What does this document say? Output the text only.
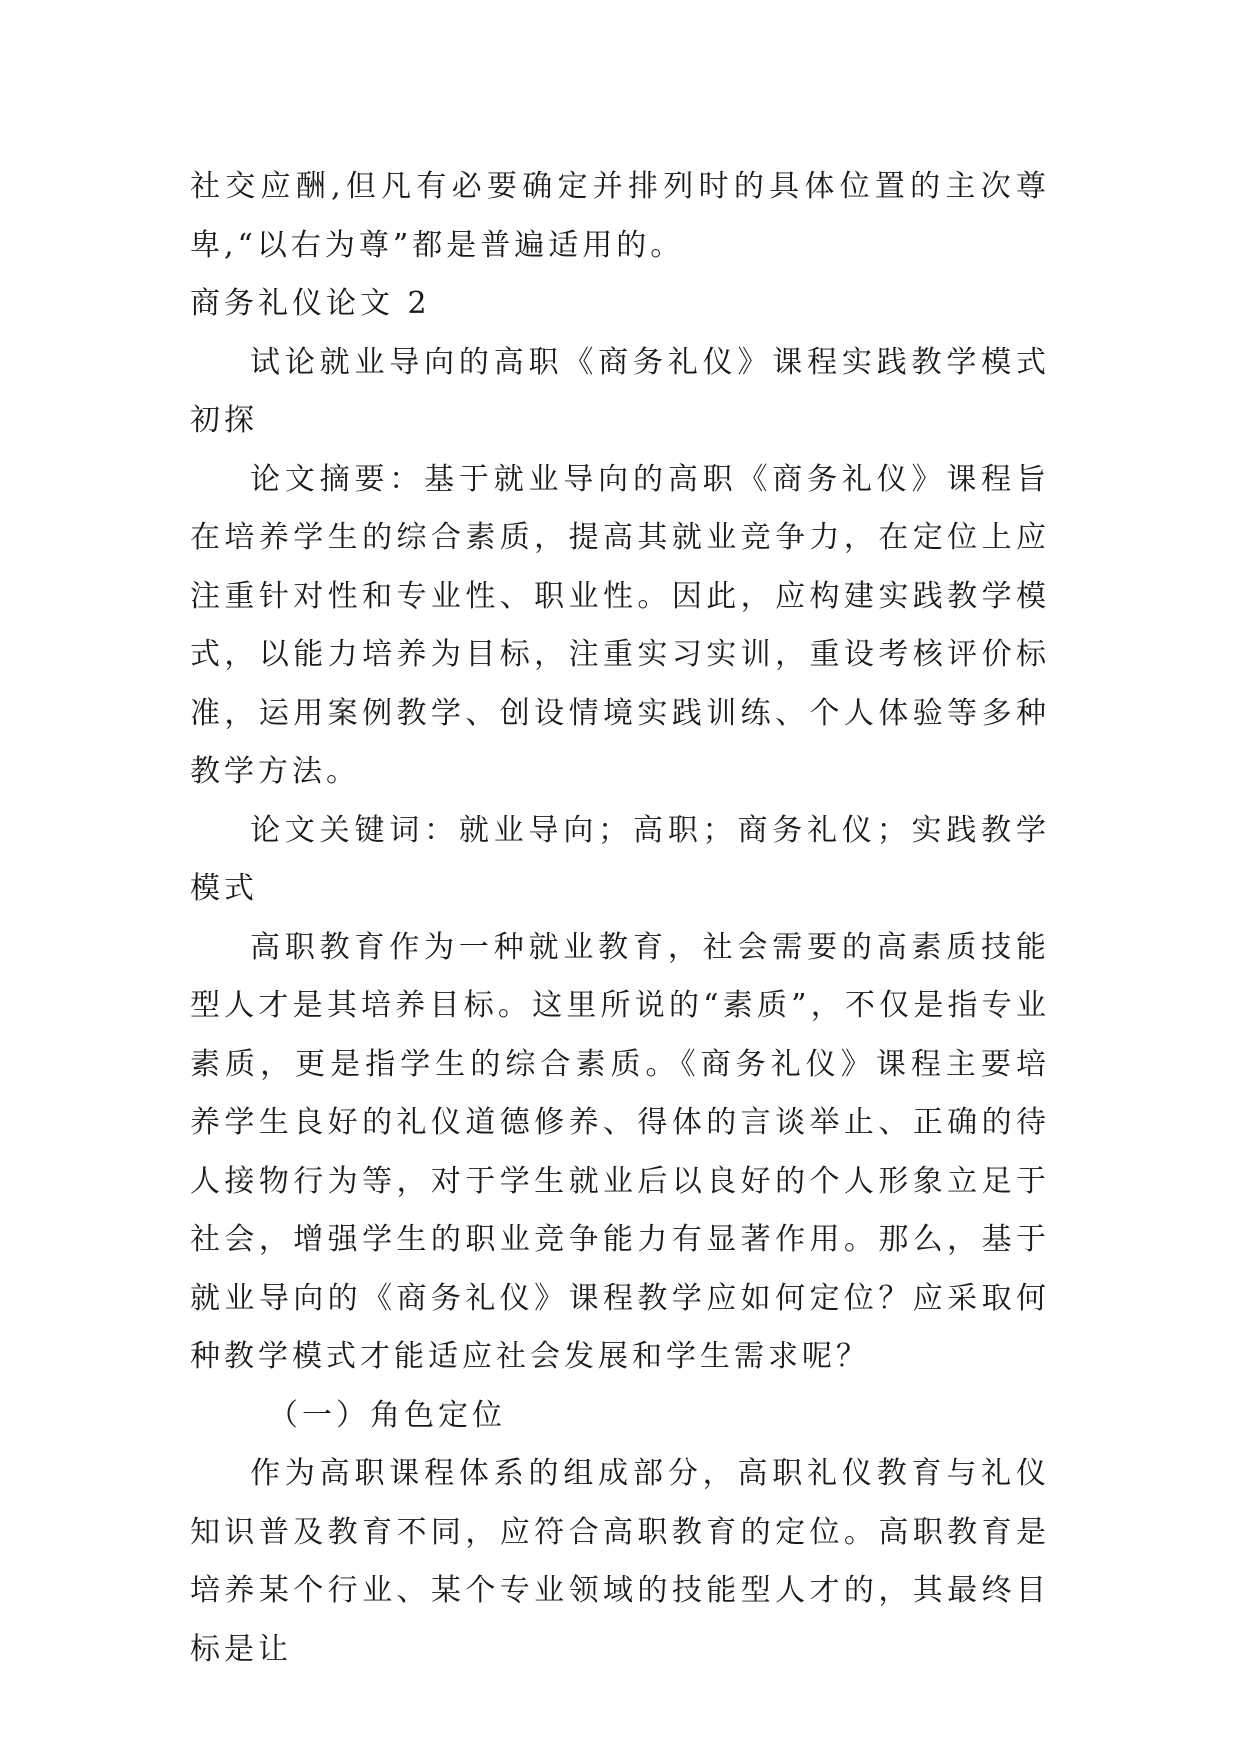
社交应酬,但凡有必要确定并排列时的具体位置的主次尊卑,“以右为尊”都是普遍适用的。

商务礼仪论文 2

试论就业导向的高职《商务礼仪》课程实践教学模式初探

论文摘要：基于就业导向的高职《商务礼仪》课程旨在培养学生的综合素质，提高其就业竞争力，在定位上应注重针对性和专业性、职业性。因此，应构建实践教学模式，以能力培养为目标，注重实习实训，重设考核评价标准，运用案例教学、创设情境实践训练、个人体验等多种教学方法。

论文关键词：就业导向；高职；商务礼仪；实践教学模式

高职教育作为一种就业教育，社会需要的高素质技能型人才是其培养目标。这里所说的“素质”，不仅是指专业素质，更是指学生的综合素质。《商务礼仪》课程主要培养学生良好的礼仪道德修养、得体的言谈举止、正确的待人接物行为等，对于学生就业后以良好的个人形象立足于社会，增强学生的职业竞争能力有显著作用。那么，基于就业导向的《商务礼仪》课程教学应如何定位？应采取何种教学模式才能适应社会发展和学生需求呢？

（一）角色定位

作为高职课程体系的组成部分，高职礼仪教育与礼仪知识普及教育不同，应符合高职教育的定位。高职教育是培养某个行业、某个专业领域的技能型人才的，其最终目标是让
